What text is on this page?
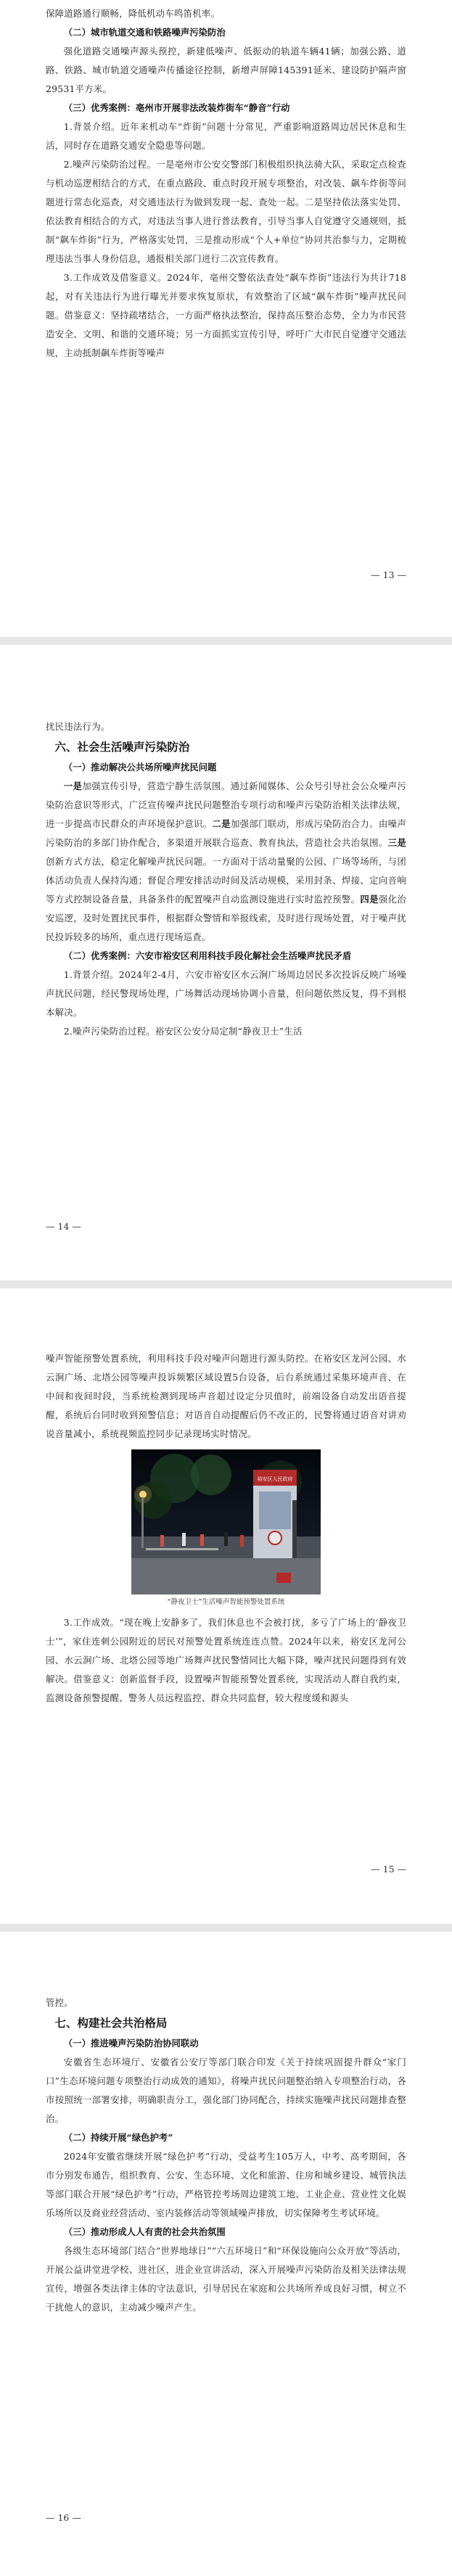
保障道路通行顺畅，降低机动车鸣笛机率。

（二）城市轨道交通和铁路噪声污染防治

强化道路交通噪声源头预控，新建低噪声、低振动的轨道车辆41辆；加强公路、道路、铁路、城市轨道交通噪声传播途径控制，新增声屏障145391延米、建设防护隔声窗29531平方米。

（三）优秀案例：亳州市开展非法改装炸街车“静音”行动

1.背景介绍。近年来机动车“炸街”问题十分常见，严重影响道路周边居民休息和生活，同时存在道路交通安全隐患等问题。

2.噪声污染防治过程。一是亳州市公安交警部门积极组织执法骑大队，采取定点检查与机动巡逻相结合的方式，在重点路段、重点时段开展专项整治，对改装、飙车炸街等问题进行常态化巡查，对交通违法行为做到发现一起、查处一起。二是坚持依法落实处罚、依法教育相结合的方式，对违法当事人进行普法教育，引导当事人自觉遵守交通规则，抵制“飙车炸街”行为，严格落实处罚，三是推动形成“个人+单位”协同共治参与力，定期梳理违法当事人身份信息，通报相关部门进行二次宣传教育。

3.工作成效及借鉴意义。2024年，亳州交警依法查处“飙车炸街”违法行为共计718起，对有关违法行为进行曝光并要求恢复原状，有效整治了区域“飙车炸街”噪声扰民问题。借鉴意义：坚持疏堵结合，一方面严格执法整治，保持高压整治态势，全力为市民营造安全、文明、和谐的交通环境；另一方面抓实宣传引导，呼吁广大市民自觉遵守交通法规，主动抵制飙车炸街等噪声

— 13 —

扰民违法行为。

六、社会生活噪声污染防治
（一）推动解决公共场所噪声扰民问题

一是加强宣传引导，营造宁静生活氛围。通过新闻媒体、公众号引导社会公众噪声污染防治意识等形式，广泛宣传噪声扰民问题整治专项行动和噪声污染防治相关法律法规，进一步提高市民群众的声环境保护意识。二是加强部门联动，形成污染防治合力。由噪声污染防治的多部门协作配合，多渠道开展联合巡查、教育执法，营造社会共治氛围。三是创新方式方法，稳定化解噪声扰民问题。一方面对于活动量聚的公园、广场等场所，与团体活动负责人保持沟通；督促合理安排活动时间及活动规模，采用封条、焊接、定向音响等方式控制设备音量，具备条件的配置噪声自动监测设施进行实时监控预警。四是强化治安巡逻，及时处置扰民事件，根据群众警情和举报线索，及时进行现场处置，对于噪声扰民投诉较多的场所，重点进行现场巡查。

（二）优秀案例：六安市裕安区利用科技手段化解社会生活噪声扰民矛盾

1.背景介绍。2024年2-4月，六安市裕安区水云涧广场周边居民多次投诉反映广场噪声扰民问题，经民警现场处理，广场舞活动现场协调小音量，但问题依然反复，得不到根本解决。

2.噪声污染防治过程。裕安区公安分局定制“静夜卫士”生活

— 14 —

噪声智能预警处置系统，利用科技手段对噪声问题进行源头防控。在裕安区龙河公园、水云涧广场、北塔公园等噪声投诉频繁区域设置5台设备，后台系统通过采集环境声音、在中间和夜间时段，当系统检测到现场声音超过设定分贝值时，前端设备自动发出语音提醒，系统后台同时收到预警信息；对语音自动提醒后仍不改正的，民警将通过语音对讲劝说音量减小，系统视频监控同步记录现场实时情况。

裕安区人民政府
“静夜卫士”生活噪声智能预警处置系统

3.工作成效。“现在晚上安静多了，我们休息也不会被打扰，多亏了广场上的‘静夜卫士’”，家住连刺公园附近的居民对预警处置系统连连点赞。2024年以来，裕安区龙河公园、水云涧广场、北塔公园等地广场舞声扰民警情同比大幅下降，噪声扰民问题得到有效解决。借鉴意义：创新监督手段，设置噪声智能预警处置系统，实现活动人群自我约束，监测设备预警提醒、警务人员远程监控、群众共同监督，较大程度缓和源头

— 15 —

管控。

七、构建社会共治格局
（一）推进噪声污染防治协同联动

安徽省生态环境厅、安徽省公安厅等部门联合印发《关于持续巩固提升群众“家门口”生态环境问题专项整治行动成效的通知》，将噪声扰民问题整治纳入专项整治行动，各市按照统一部署安排，明确职责分工，强化部门协同配合，持续实施噪声扰民问题排查整治。

（二）持续开展“绿色护考”

2024年安徽省继续开展“绿色护考”行动，受益考生105万人，中考、高考期间，各市分别发布通告，组织教育、公安、生态环境、文化和旅游、住房和城乡建设、城管执法等部门联合开展“绿色护考”行动，严格管控考场周边建筑工地、工业企业、营业性文化娱乐场所以及商业经营活动、室内装修活动等领域噪声排放，切实保障考生考试环境。

（三）推动形成人人有责的社会共治氛围

各级生态环境部门结合“世界地球日”“六五环境日”和“环保设施向公众开放”等活动，开展公益讲堂进学校、进社区，进企业宣讲活动，深入开展噪声污染防治及相关法律法规宣传，增强各类法律主体的守法意识，引导居民在家庭和公共场所养成良好习惯，树立不干扰他人的意识，主动减少噪声产生。

— 16 —
